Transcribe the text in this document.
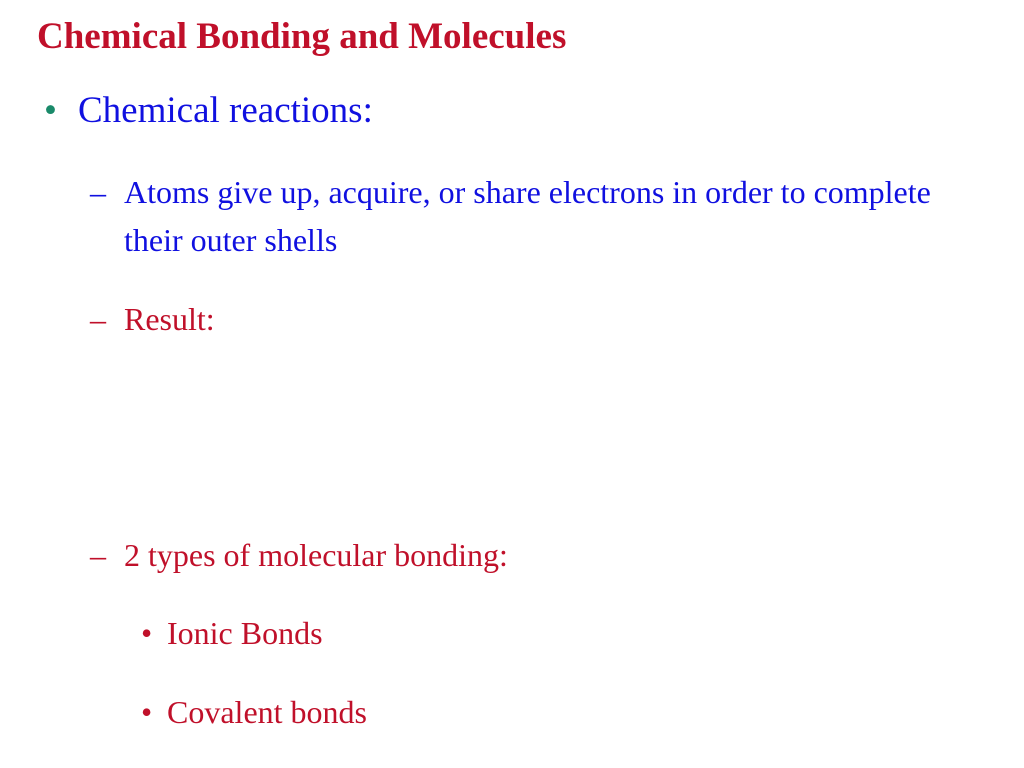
Chemical Bonding and Molecules
• Chemical reactions:
– Atoms give up, acquire, or share electrons in order to complete their outer shells
– Result:
– 2 types of molecular bonding:
• Ionic Bonds
• Covalent bonds
